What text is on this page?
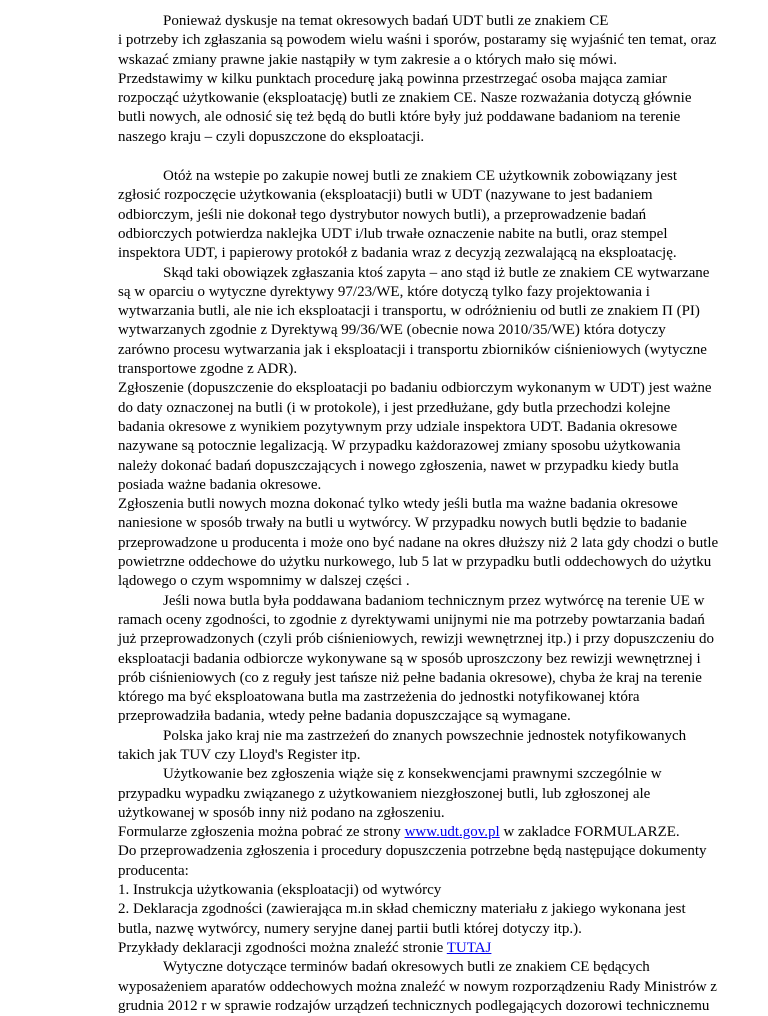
Ponieważ dyskusje na temat okresowych badań UDT butli ze znakiem CE
i potrzeby ich zgłaszania są powodem wielu waśni i sporów, postaramy się wyjaśnić ten temat, oraz
wskazać zmiany prawne jakie nastąpiły w tym zakresie a o których mało się mówi.
Przedstawimy w kilku punktach procedurę jaką powinna przestrzegać osoba mająca zamiar
rozpocząć użytkowanie (eksploatację) butli ze znakiem CE. Nasze rozważania dotyczą głównie
butli nowych, ale odnosić się też będą do butli które były już poddawane badaniom na terenie
naszego kraju – czyli dopuszczone do eksploatacji.
Otóż na wstepie po zakupie nowej butli ze znakiem CE użytkownik zobowiązany jest
zgłosić rozpoczęcie użytkowania (eksploatacji) butli w UDT (nazywane to jest badaniem
odbiorczym, jeśli nie dokonał tego dystrybutor nowych butli), a przeprowadzenie badań
odbiorczych potwierdza naklejka UDT i/lub trwałe oznaczenie nabite na butli, oraz stempel
inspektora UDT, i papierowy protokół z badania wraz z decyzją zezwalającą na eksploatację.
Skąd taki obowiązek zgłaszania ktoś zapyta – ano stąd iż butle ze znakiem CE wytwarzane
są w oparciu o wytyczne dyrektywy 97/23/WE, które dotyczą tylko fazy projektowania i
wytwarzania butli, ale nie ich eksploatacji i transportu, w odróżnieniu od butli ze znakiem Π (PI)
wytwarzanych zgodnie z Dyrektywą 99/36/WE (obecnie nowa 2010/35/WE) która dotyczy
zarówno procesu wytwarzania jak i eksploatacji i transportu zbiorników ciśnieniowych (wytyczne
transportowe zgodne z ADR).
Zgłoszenie (dopuszczenie do eksploatacji po badaniu odbiorczym wykonanym w UDT) jest ważne
do daty oznaczonej na butli (i w protokole), i jest przedłużane, gdy butla przechodzi kolejne
badania okresowe z wynikiem pozytywnym przy udziale inspektora UDT. Badania okresowe
nazywane są potocznie legalizacją. W przypadku każdorazowej zmiany sposobu użytkowania
należy dokonać badań dopuszczających i nowego zgłoszenia, nawet w przypadku kiedy butla
posiada ważne badania okresowe.
Zgłoszenia butli nowych mozna dokonać tylko wtedy jeśli butla ma ważne badania okresowe
naniesione w sposób trwały na butli u wytwórcy. W przypadku nowych butli będzie to badanie
przeprowadzone u producenta i może ono być nadane na okres dłuższy niż 2 lata gdy chodzi o butle
powietrzne oddechowe do użytku nurkowego, lub 5 lat w przypadku butli oddechowych do użytku
lądowego o czym wspomnimy w dalszej części .
Jeśli nowa butla była poddawana badaniom technicznym przez wytwórcę na terenie UE w
ramach oceny zgodności, to zgodnie z dyrektywami unijnymi nie ma potrzeby powtarzania badań
już przeprowadzonych (czyli prób ciśnieniowych, rewizji wewnętrznej itp.) i przy dopuszczeniu do
eksploatacji badania odbiorcze wykonywane są w sposób uproszczony bez rewizji wewnętrznej i
prób ciśnieniowych (co z reguły jest tańsze niż pełne badania okresowe), chyba że kraj na terenie
którego ma być eksploatowana butla ma zastrzeżenia do jednostki notyfikowanej która
przeprowadziła badania, wtedy pełne badania dopuszczające są wymagane.
Polska jako kraj nie ma zastrzeżeń do znanych powszechnie jednostek notyfikowanych
takich jak TUV czy Lloyd's Register itp.
Użytkowanie bez zgłoszenia wiąże się z konsekwencjami prawnymi szczególnie w
przypadku wypadku związanego z użytkowaniem niezgłoszonej butli, lub zgłoszonej ale
użytkowanej w sposób inny niż podano na zgłoszeniu.
Formularze zgłoszenia można pobrać ze strony www.udt.gov.pl w zakladce FORMULARZE.
Do przeprowadzenia zgłoszenia i procedury dopuszczenia potrzebne będą następujące dokumenty
producenta:
1. Instrukcja użytkowania (eksploatacji) od wytwórcy
2. Deklaracja zgodności (zawierająca m.in skład chemiczny materiału z jakiego wykonana jest
butla, nazwę wytwórcy, numery seryjne danej partii butli której dotyczy itp.).
Przykłady deklaracji zgodności można znaleźć stronie TUTAJ
Wytyczne dotyczące terminów badań okresowych butli ze znakiem CE będących
wyposażeniem aparatów oddechowych można znaleźć w nowym rozporządzeniu Rady Ministrów z
grudnia 2012 r w sprawie rodzajów urządzeń technicznych podlegających dozorowi technicznemu
